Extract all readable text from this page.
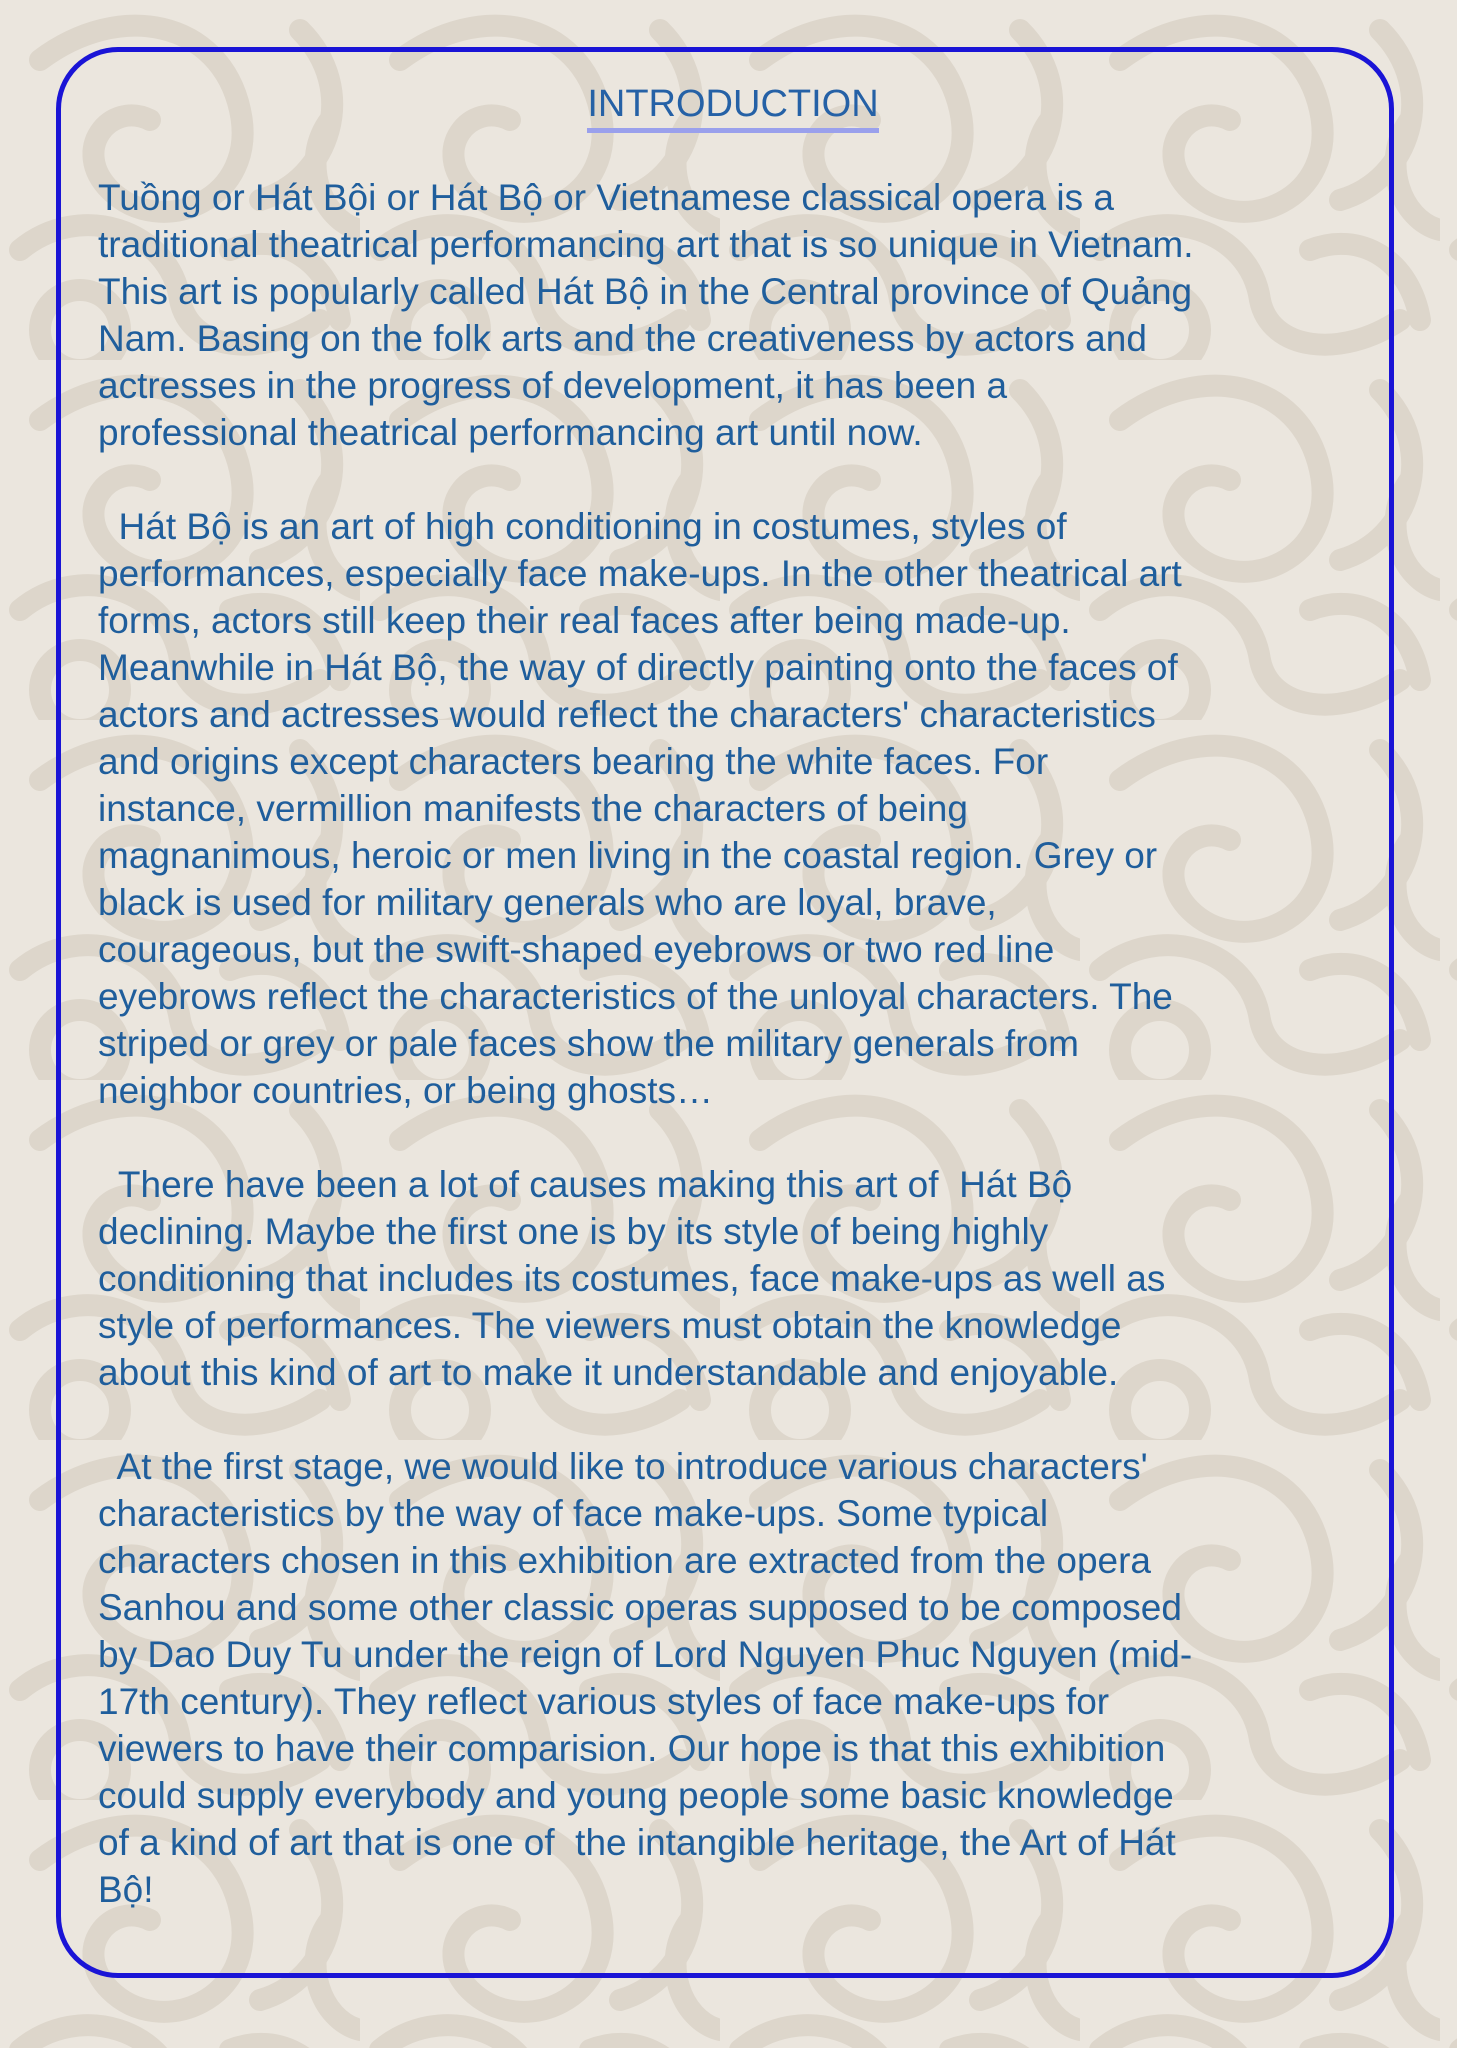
INTRODUCTION
Tuồng or Hát Bội or Hát Bộ or Vietnamese classical opera is a
traditional theatrical performancing art that is so unique in Vietnam.
This art is popularly called Hát Bộ in the Central province of Quảng
Nam. Basing on the folk arts and the creativeness by actors and
actresses in the progress of development, it has been a
professional theatrical performancing art until now.
Hát Bộ is an art of high conditioning in costumes, styles of
performances, especially face make-ups. In the other theatrical art
forms, actors still keep their real faces after being made-up.
Meanwhile in Hát Bộ, the way of directly painting onto the faces of
actors and actresses would reflect the characters' characteristics
and origins except characters bearing the white faces. For
instance, vermillion manifests the characters of being
magnanimous, heroic or men living in the coastal region. Grey or
black is used for military generals who are loyal, brave,
courageous, but the swift-shaped eyebrows or two red line
eyebrows reflect the characteristics of the unloyal characters. The
striped or grey or pale faces show the military generals from
neighbor countries, or being ghosts…
There have been a lot of causes making this art of  Hát Bộ
declining. Maybe the first one is by its style of being highly
conditioning that includes its costumes, face make-ups as well as
style of performances. The viewers must obtain the knowledge
about this kind of art to make it understandable and enjoyable.
At the first stage, we would like to introduce various characters'
characteristics by the way of face make-ups. Some typical
characters chosen in this exhibition are extracted from the opera
Sanhou and some other classic operas supposed to be composed
by Dao Duy Tu under the reign of Lord Nguyen Phuc Nguyen (mid-
17th century). They reflect various styles of face make-ups for
viewers to have their comparision. Our hope is that this exhibition
could supply everybody and young people some basic knowledge
of a kind of art that is one of  the intangible heritage, the Art of Hát
Bộ!
